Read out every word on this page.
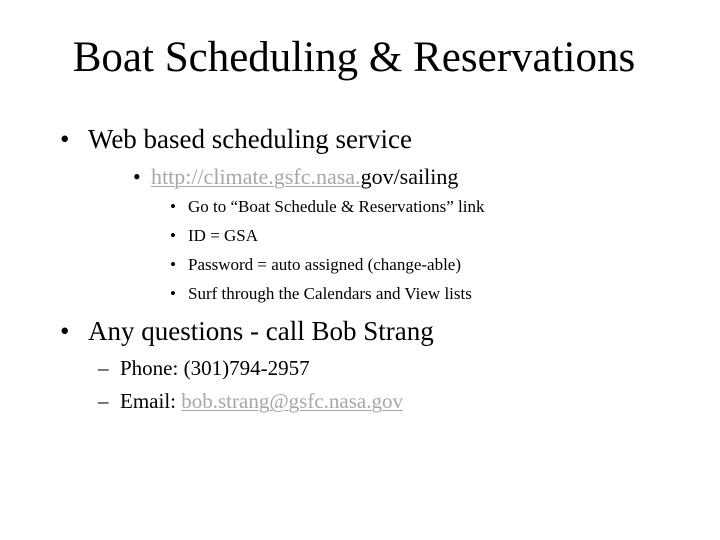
Boat Scheduling & Reservations
• Web based scheduling service
• http://climate.gsfc.nasa.gov/sailing
• Go to “Boat Schedule & Reservations” link
• ID = GSA
• Password = auto assigned (change-able)
• Surf through the Calendars and View lists
• Any questions - call Bob Strang
– Phone: (301)794-2957
– Email: bob.strang@gsfc.nasa.gov
